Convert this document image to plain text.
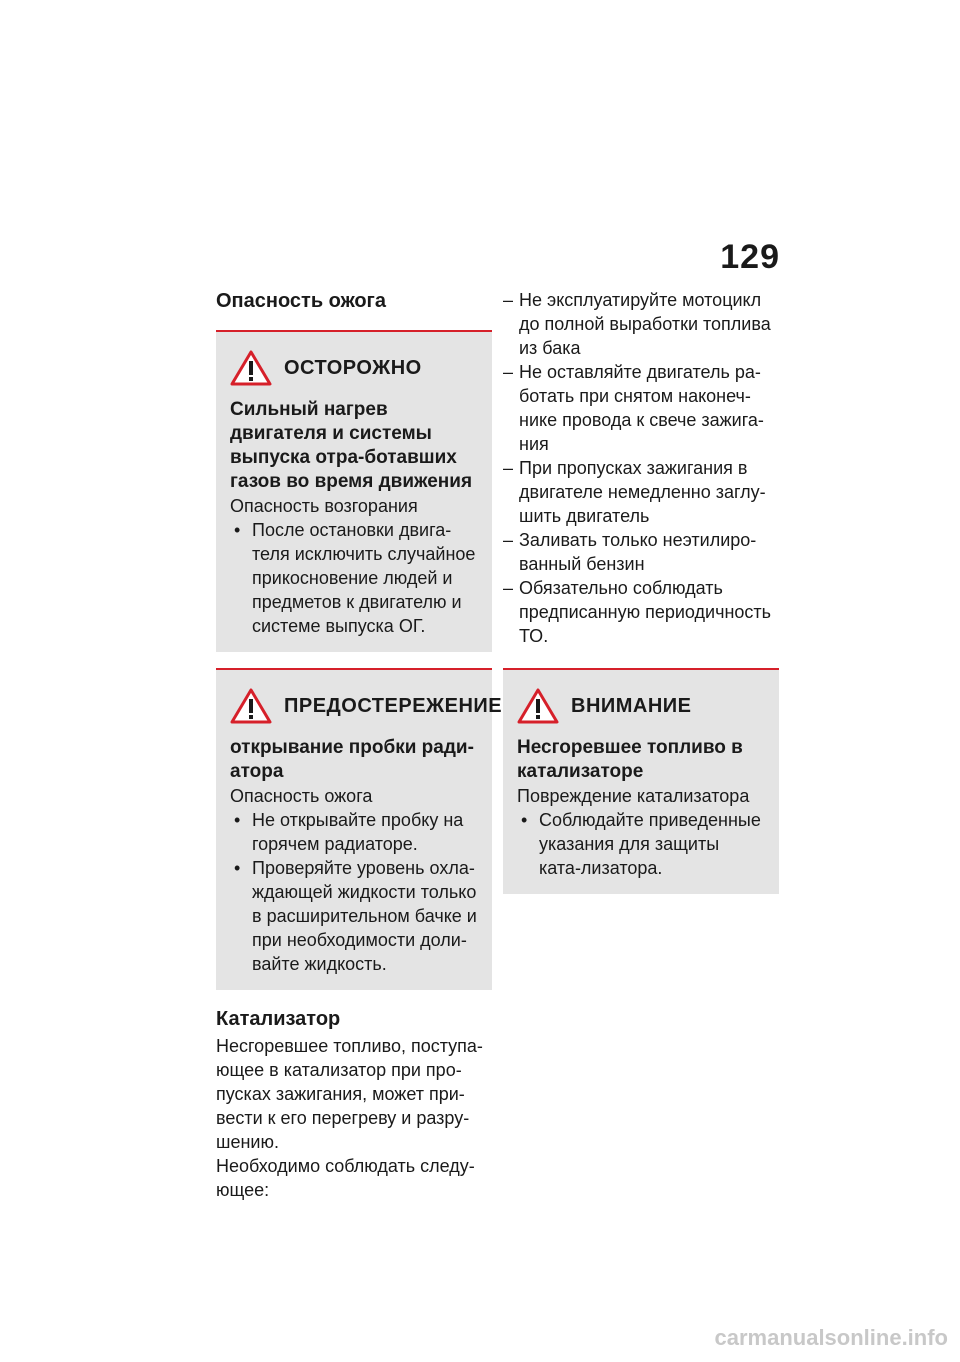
129
Опасность ожога
ОСТОРОЖНО
Сильный нагрев двигателя и системы выпуска отра-ботавших газов во время движения
Опасность возгорания
• После остановки двига-теля исключить случайное прикосновение людей и предметов к двигателю и системе выпуска ОГ.
ПРЕДОСТЕРЕЖЕНИЕ
открывание пробки ради-атора
Опасность ожога
• Не открывайте пробку на горячем радиаторе.
• Проверяйте уровень охла-ждающей жидкости только в расширительном бачке и при необходимости доли-вайте жидкость.
Катализатор
Несгоревшее топливо, поступа-ющее в катализатор при про-пусках зажигания, может при-вести к его перегреву и разру-шению.
Необходимо соблюдать следу-ющее:
– Не эксплуатируйте мотоцикл до полной выработки топлива из бака
– Не оставляйте двигатель ра-ботать при снятом наконеч-нике провода к свече зажига-ния
– При пропусках зажигания в двигателе немедленно заглу-шить двигатель
– Заливать только неэтилиро-ванный бензин
– Обязательно соблюдать предписанную периодичность ТО.
ВНИМАНИЕ
Несгоревшее топливо в катализаторе
Повреждение катализатора
• Соблюдайте приведенные указания для защиты ката-лизатора.
carmanualsonline.info
